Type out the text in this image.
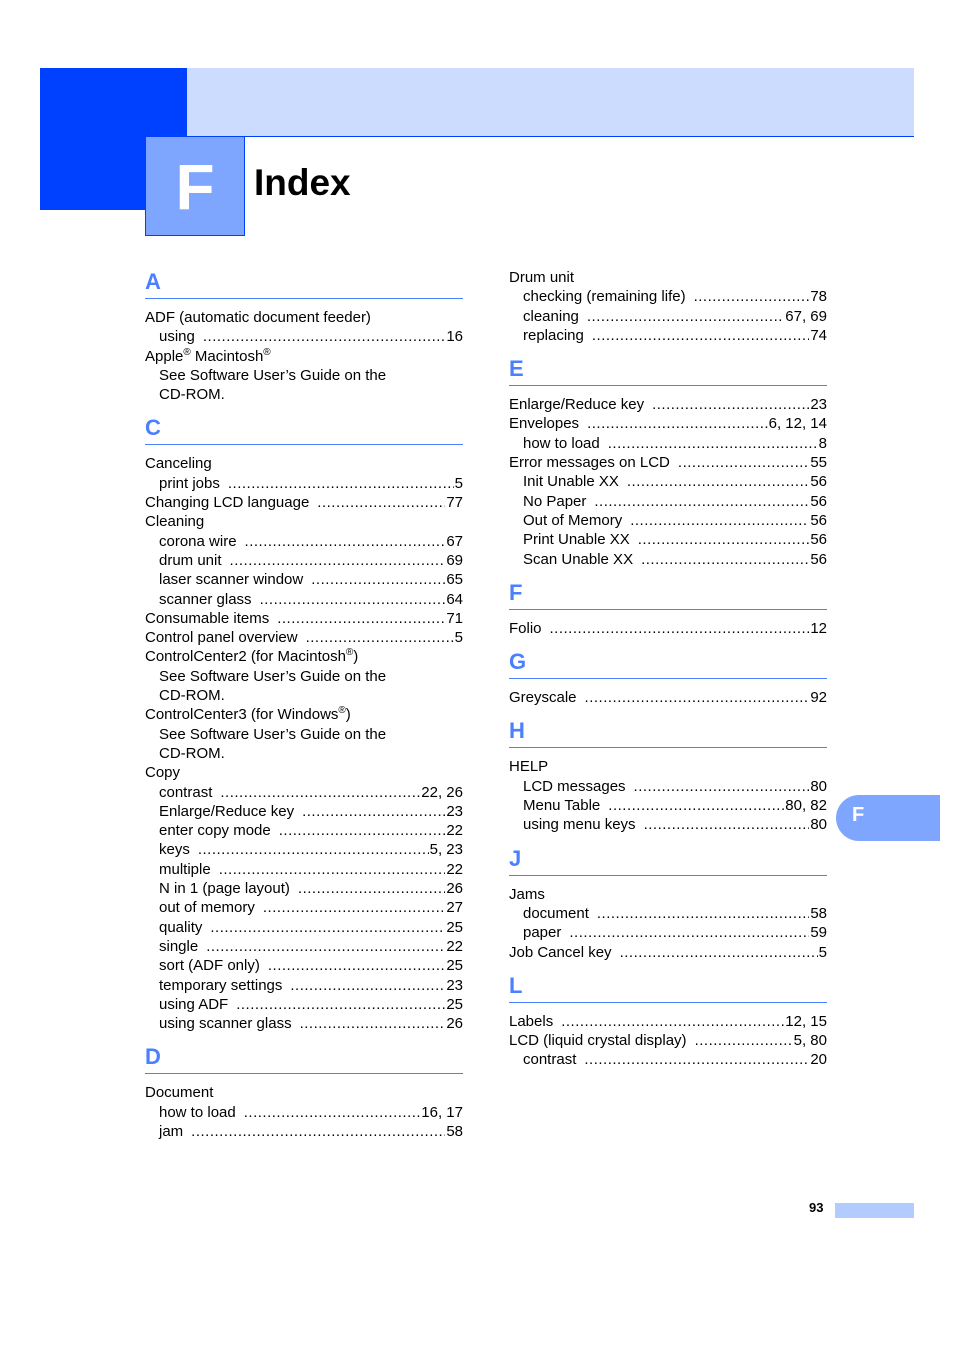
F	Index
F
93
A
ADF (automatic document feeder)
using .....	16
Apple® Macintosh®
See Software User’s Guide on the
CD-ROM.
C
Canceling
print jobs .....	5
Changing LCD language .....	77
Cleaning
corona wire .....	67
drum unit .....	69
laser scanner window .....	65
scanner glass .....	64
Consumable items .....	71
Control panel overview .....	5
ControlCenter2 (for Macintosh®)
See Software User’s Guide on the
CD-ROM.
ControlCenter3 (for Windows®)
See Software User’s Guide on the
CD-ROM.
Copy
contrast .....	22, 26
Enlarge/Reduce key .....	23
enter copy mode .....	22
keys .....	5, 23
multiple .....	22
N in 1 (page layout) .....	26
out of memory .....	27
quality .....	25
single .....	22
sort (ADF only) .....	25
temporary settings .....	23
using ADF .....	25
using scanner glass .....	26
D
Document
how to load .....	16, 17
jam .....	58
Drum unit
checking (remaining life) .....	78
cleaning .....	67, 69
replacing .....	74
E
Enlarge/Reduce key .....	23
Envelopes .....	6, 12, 14
how to load .....	8
Error messages on LCD .....	55
Init Unable XX .....	56
No Paper .....	56
Out of Memory .....	56
Print Unable XX .....	56
Scan Unable XX .....	56
F
Folio .....	12
G
Greyscale .....	92
H
HELP
LCD messages .....	80
Menu Table .....	80, 82
using menu keys .....	80
J
Jams
document .....	58
paper .....	59
Job Cancel key .....	5
L
Labels .....	12, 15
LCD (liquid crystal display) .....	5, 80
contrast .....	20
